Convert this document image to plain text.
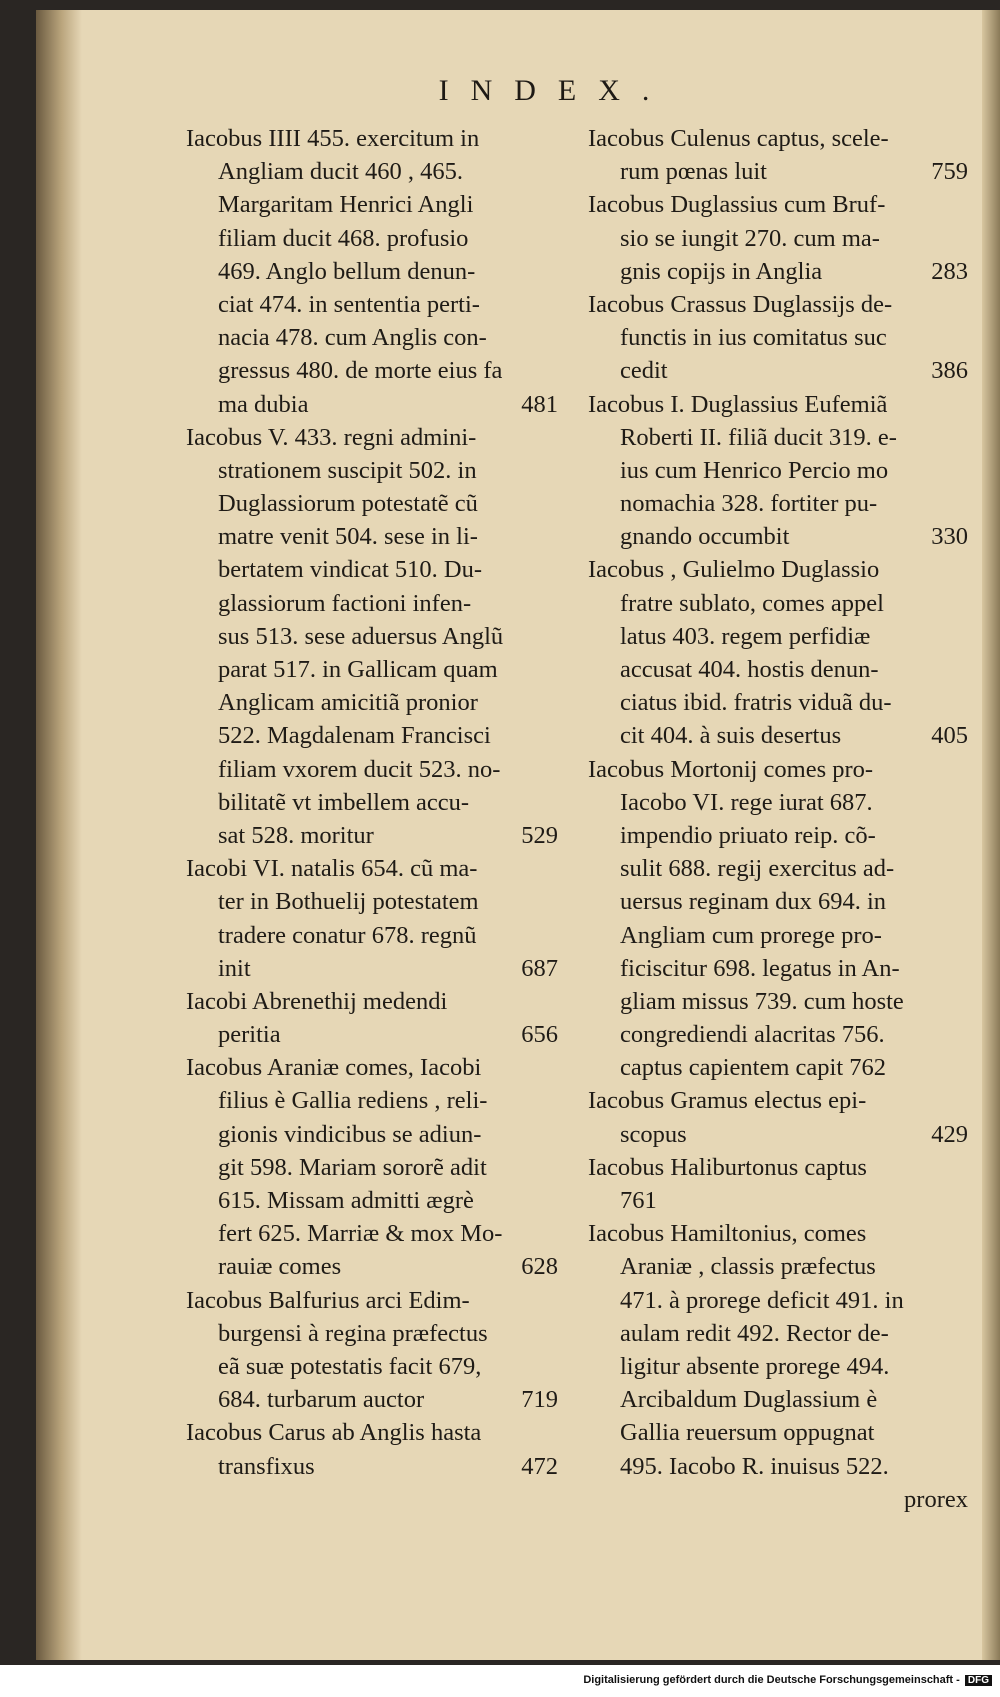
INDEX.
Iacobus IIII 455. exercitum in
Angliam ducit 460 , 465.
Margaritam Henrici Angli
filiam ducit 468. profusio
469. Anglo bellum denun-
ciat 474. in sententia perti-
nacia 478. cum Anglis con-
gressus 480. de morte eius fa
ma dubia	481
Iacobus V. 433. regni admini-
strationem suscipit 502. in
Duglassiorum potestatẽ cũ
matre venit 504. sese in li-
bertatem vindicat 510. Du-
glassiorum factioni infen-
sus 513. sese aduersus Anglũ
parat 517. in Gallicam quam
Anglicam amicitiã pronior
522. Magdalenam Francisci
filiam vxorem ducit 523. no-
bilitatẽ vt imbellem accu-
sat 528. moritur	529
Iacobi VI. natalis 654. cũ ma-
ter in Bothuelij potestatem
tradere conatur 678. regnũ
init	687
Iacobi Abrenethij medendi
peritia	656
Iacobus Araniæ comes, Iacobi
filius è Gallia rediens , reli-
gionis vindicibus se adiun-
git 598. Mariam sororẽ adit
615. Missam admitti ægrè
fert 625. Marriæ & mox Mo-
rauiæ comes	628
Iacobus Balfurius arci Edim-
burgensi à regina præfectus
eã suæ potestatis facit 679,
684. turbarum auctor	719
Iacobus Carus ab Anglis hasta
transfixus	472
Iacobus Culenus captus, scele-
rum pœnas luit	759
Iacobus Duglassius cum Bruf-
sio se iungit 270. cum ma-
gnis copijs in Anglia	283
Iacobus Crassus Duglassijs de-
functis in ius comitatus suc
cedit	386
Iacobus I. Duglassius Eufemiã
Roberti II. filiã ducit 319. e-
ius cum Henrico Percio mo
nomachia 328. fortiter pu-
gnando occumbit	330
Iacobus , Gulielmo Duglassio
fratre sublato, comes appel
latus 403. regem perfidiæ
accusat 404. hostis denun-
ciatus ibid. fratris viduã du-
cit 404. à suis desertus	405
Iacobus Mortonij comes pro-
Iacobo VI. rege iurat 687.
impendio priuato reip. cõ-
sulit 688. regij exercitus ad-
uersus reginam dux 694. in
Angliam cum prorege pro-
ficiscitur 698. legatus in An-
gliam missus 739. cum hoste
congrediendi alacritas 756.
captus capientem capit 762
Iacobus Gramus electus epi-
scopus	429
Iacobus Haliburtonus captus
761
Iacobus Hamiltonius, comes
Araniæ , classis præfectus
471. à prorege deficit 491. in
aulam redit 492. Rector de-
ligitur absente prorege 494.
Arcibaldum Duglassium è
Gallia reuersum oppugnat
495. Iacobo R. inuisus 522.
prorex
Digitalisierung gefördert durch die Deutsche Forschungsgemeinschaft - DFG
